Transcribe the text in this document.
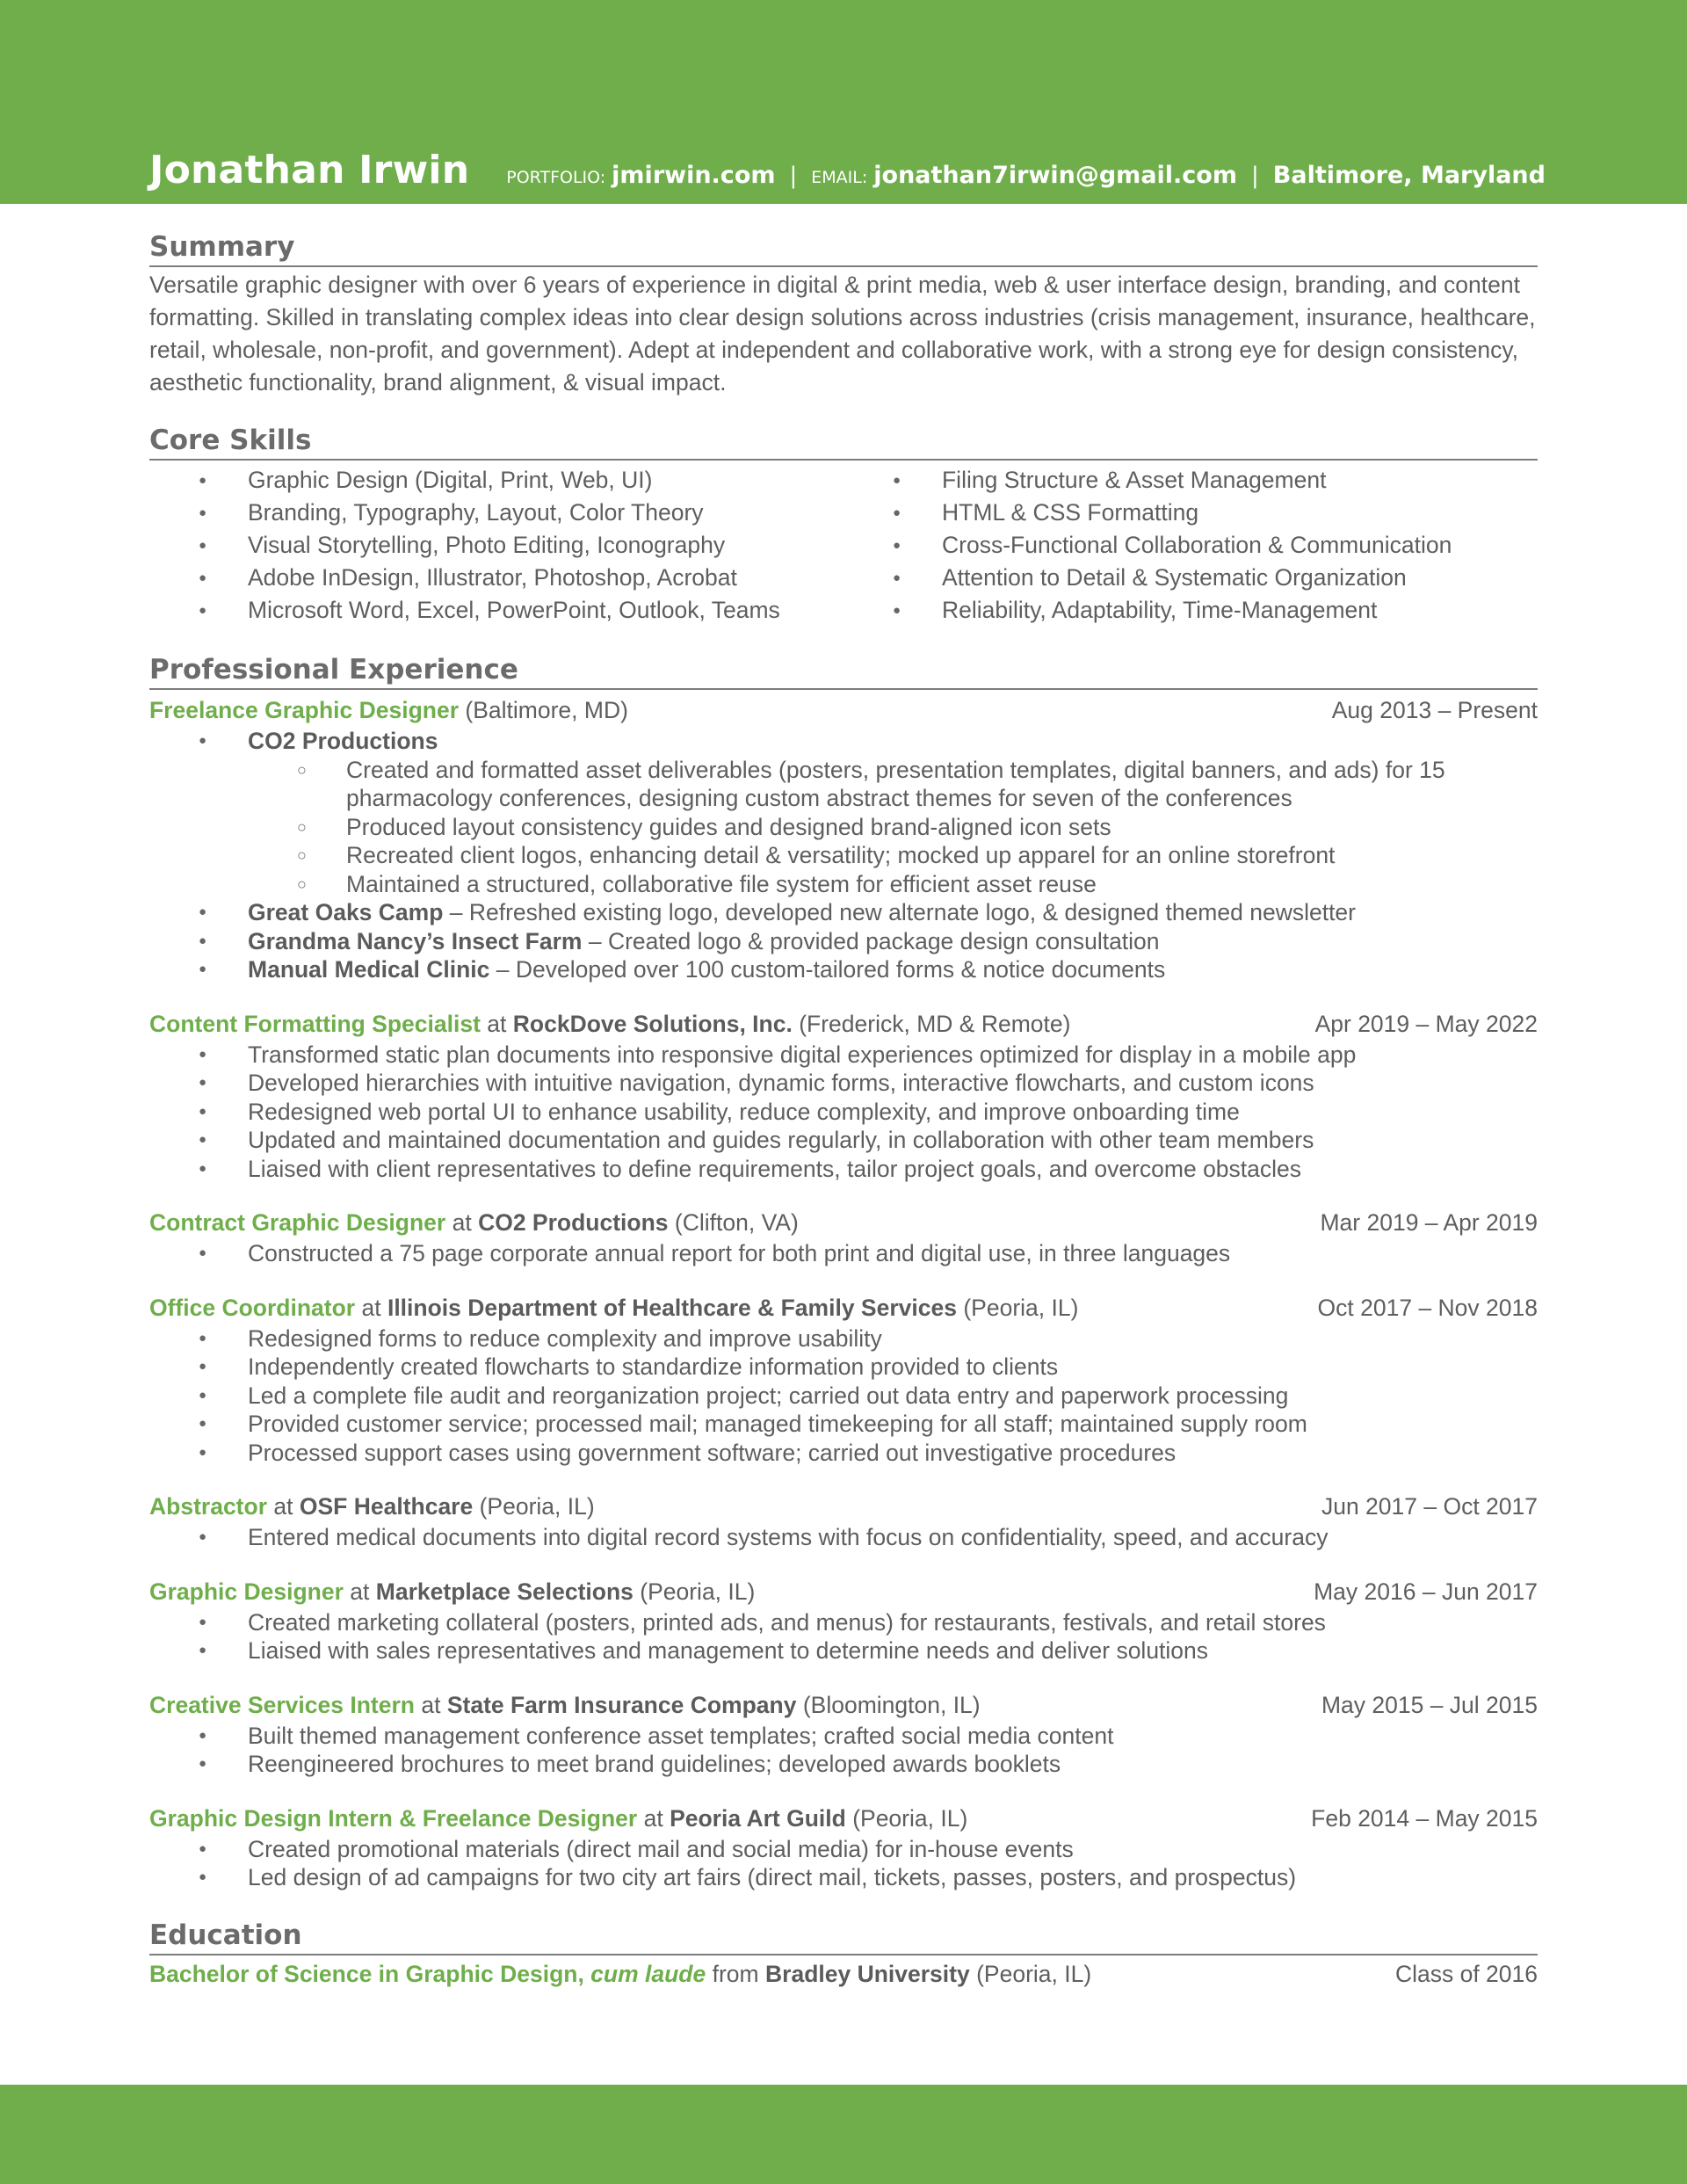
Jonathan Irwin PORTFOLIO: jmirwin.com | EMAIL: jonathan7irwin@gmail.com | Baltimore, Maryland
Summary

Versatile graphic designer with over 6 years of experience in digital & print media, web & user interface design, branding, and content formatting. Skilled in translating complex ideas into clear design solutions across industries (crisis management, insurance, healthcare, retail, wholesale, non-profit, and government). Adept at independent and collaborative work, with a strong eye for design consistency, aesthetic functionality, brand alignment, & visual impact.

Core Skills
● Graphic Design (Digital, Print, Web, UI)
● Branding, Typography, Layout, Color Theory
● Visual Storytelling, Photo Editing, Iconography
● Adobe InDesign, Illustrator, Photoshop, Acrobat
● Microsoft Word, Excel, PowerPoint, Outlook, Teams
● Filing Structure & Asset Management
● HTML & CSS Formatting
● Cross-Functional Collaboration & Communication
● Attention to Detail & Systematic Organization
● Reliability, Adaptability, Time-Management
Professional Experience
Freelance Graphic Designer (Baltimore, MD)	Aug 2013 – Present
● CO2 Productions
○ Created and formatted asset deliverables (posters, presentation templates, digital banners, and ads) for 15 pharmacology conferences, designing custom abstract themes for seven of the conferences
○ Produced layout consistency guides and designed brand-aligned icon sets
○ Recreated client logos, enhancing detail & versatility; mocked up apparel for an online storefront
○ Maintained a structured, collaborative file system for efficient asset reuse
● Great Oaks Camp – Refreshed existing logo, developed new alternate logo, & designed themed newsletter
● Grandma Nancy’s Insect Farm – Created logo & provided package design consultation
● Manual Medical Clinic – Developed over 100 custom-tailored forms & notice documents
Content Formatting Specialist at RockDove Solutions, Inc. (Frederick, MD & Remote)	Apr 2019 – May 2022
● Transformed static plan documents into responsive digital experiences optimized for display in a mobile app
● Developed hierarchies with intuitive navigation, dynamic forms, interactive flowcharts, and custom icons
● Redesigned web portal UI to enhance usability, reduce complexity, and improve onboarding time
● Updated and maintained documentation and guides regularly, in collaboration with other team members
● Liaised with client representatives to define requirements, tailor project goals, and overcome obstacles
Contract Graphic Designer at CO2 Productions (Clifton, VA)	Mar 2019 – Apr 2019
● Constructed a 75 page corporate annual report for both print and digital use, in three languages
Office Coordinator at Illinois Department of Healthcare & Family Services (Peoria, IL)	Oct 2017 – Nov 2018
● Redesigned forms to reduce complexity and improve usability
● Independently created flowcharts to standardize information provided to clients
● Led a complete file audit and reorganization project; carried out data entry and paperwork processing
● Provided customer service; processed mail; managed timekeeping for all staff; maintained supply room
● Processed support cases using government software; carried out investigative procedures
Abstractor at OSF Healthcare (Peoria, IL)	Jun 2017 – Oct 2017
● Entered medical documents into digital record systems with focus on confidentiality, speed, and accuracy
Graphic Designer at Marketplace Selections (Peoria, IL)	May 2016 – Jun 2017
● Created marketing collateral (posters, printed ads, and menus) for restaurants, festivals, and retail stores
● Liaised with sales representatives and management to determine needs and deliver solutions
Creative Services Intern at State Farm Insurance Company (Bloomington, IL)	May 2015 – Jul 2015
● Built themed management conference asset templates; crafted social media content
● Reengineered brochures to meet brand guidelines; developed awards booklets
Graphic Design Intern & Freelance Designer at Peoria Art Guild (Peoria, IL)	Feb 2014 – May 2015
● Created promotional materials (direct mail and social media) for in-house events
● Led design of ad campaigns for two city art fairs (direct mail, tickets, passes, posters, and prospectus)
Education
Bachelor of Science in Graphic Design, cum laude from Bradley University (Peoria, IL)	Class of 2016
